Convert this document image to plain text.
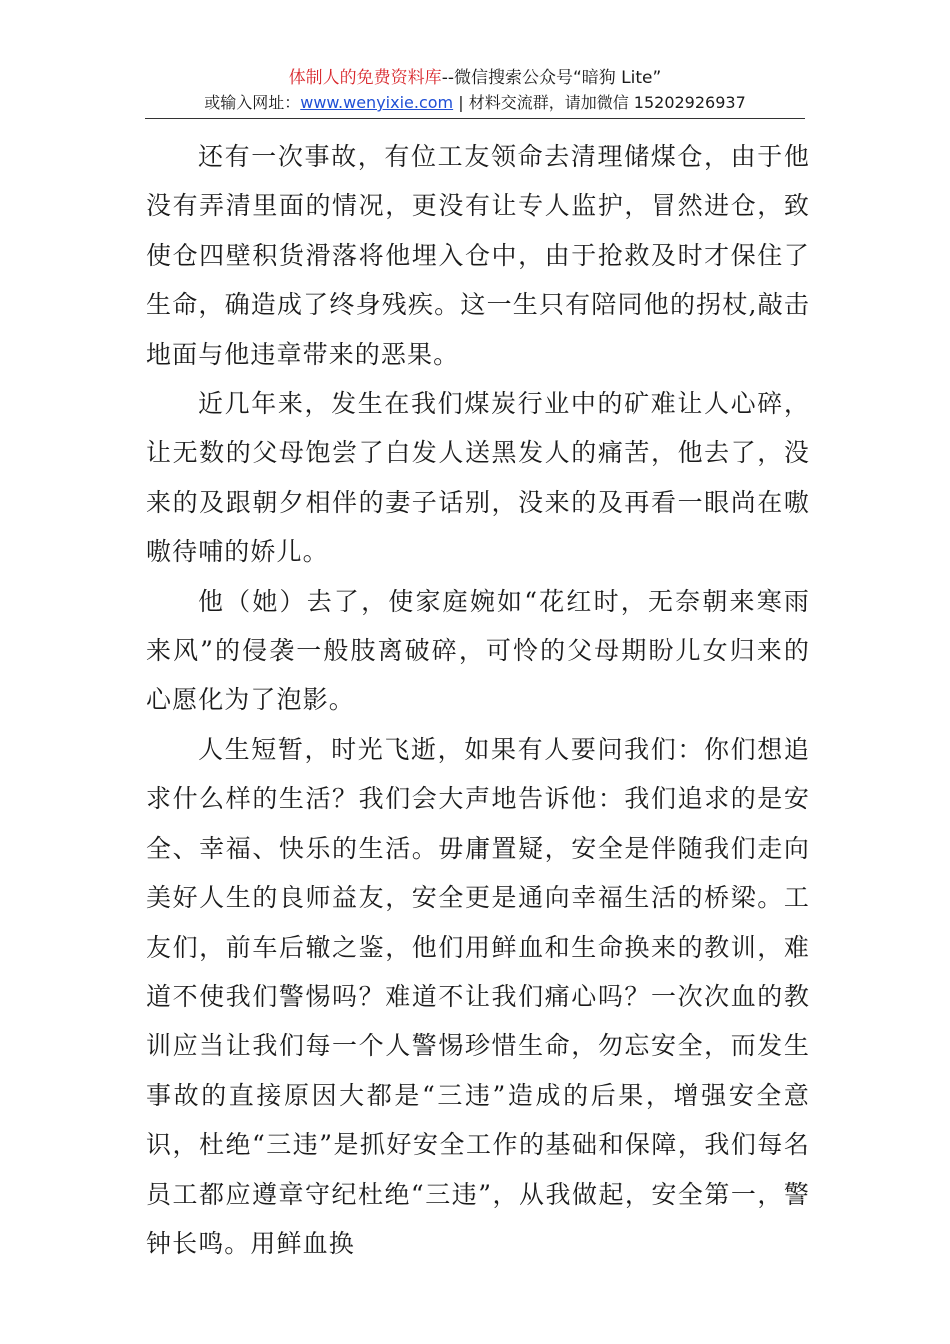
体制人的免费资料库--微信搜索公众号“暗狗 Lite”
或输入网址：www.wenyixie.com | 材料交流群，请加微信 15202926937

还有一次事故，有位工友领命去清理储煤仓，由于他没有弄清里面的情况，更没有让专人监护，冒然进仓，致使仓四壁积货滑落将他埋入仓中，由于抢救及时才保住了生命，确造成了终身残疾。这一生只有陪同他的拐杖,敲击地面与他违章带来的恶果。

近几年来，发生在我们煤炭行业中的矿难让人心碎，让无数的父母饱尝了白发人送黑发人的痛苦，他去了，没来的及跟朝夕相伴的妻子话别，没来的及再看一眼尚在嗷嗷待哺的娇儿。

他（她）去了，使家庭婉如“花红时，无奈朝来寒雨来风”的侵袭一般肢离破碎，可怜的父母期盼儿女归来的心愿化为了泡影。

人生短暂，时光飞逝，如果有人要问我们：你们想追求什么样的生活？我们会大声地告诉他：我们追求的是安全、幸福、快乐的生活。毋庸置疑，安全是伴随我们走向美好人生的良师益友，安全更是通向幸福生活的桥梁。工友们，前车后辙之鉴，他们用鲜血和生命换来的教训，难道不使我们警惕吗？难道不让我们痛心吗？一次次血的教训应当让我们每一个人警惕珍惜生命，勿忘安全，而发生事故的直接原因大都是“三违”造成的后果，增强安全意识，杜绝“三违”是抓好安全工作的基础和保障，我们每名员工都应遵章守纪杜绝“三违”，从我做起，安全第一，警钟长鸣。用鲜血换
